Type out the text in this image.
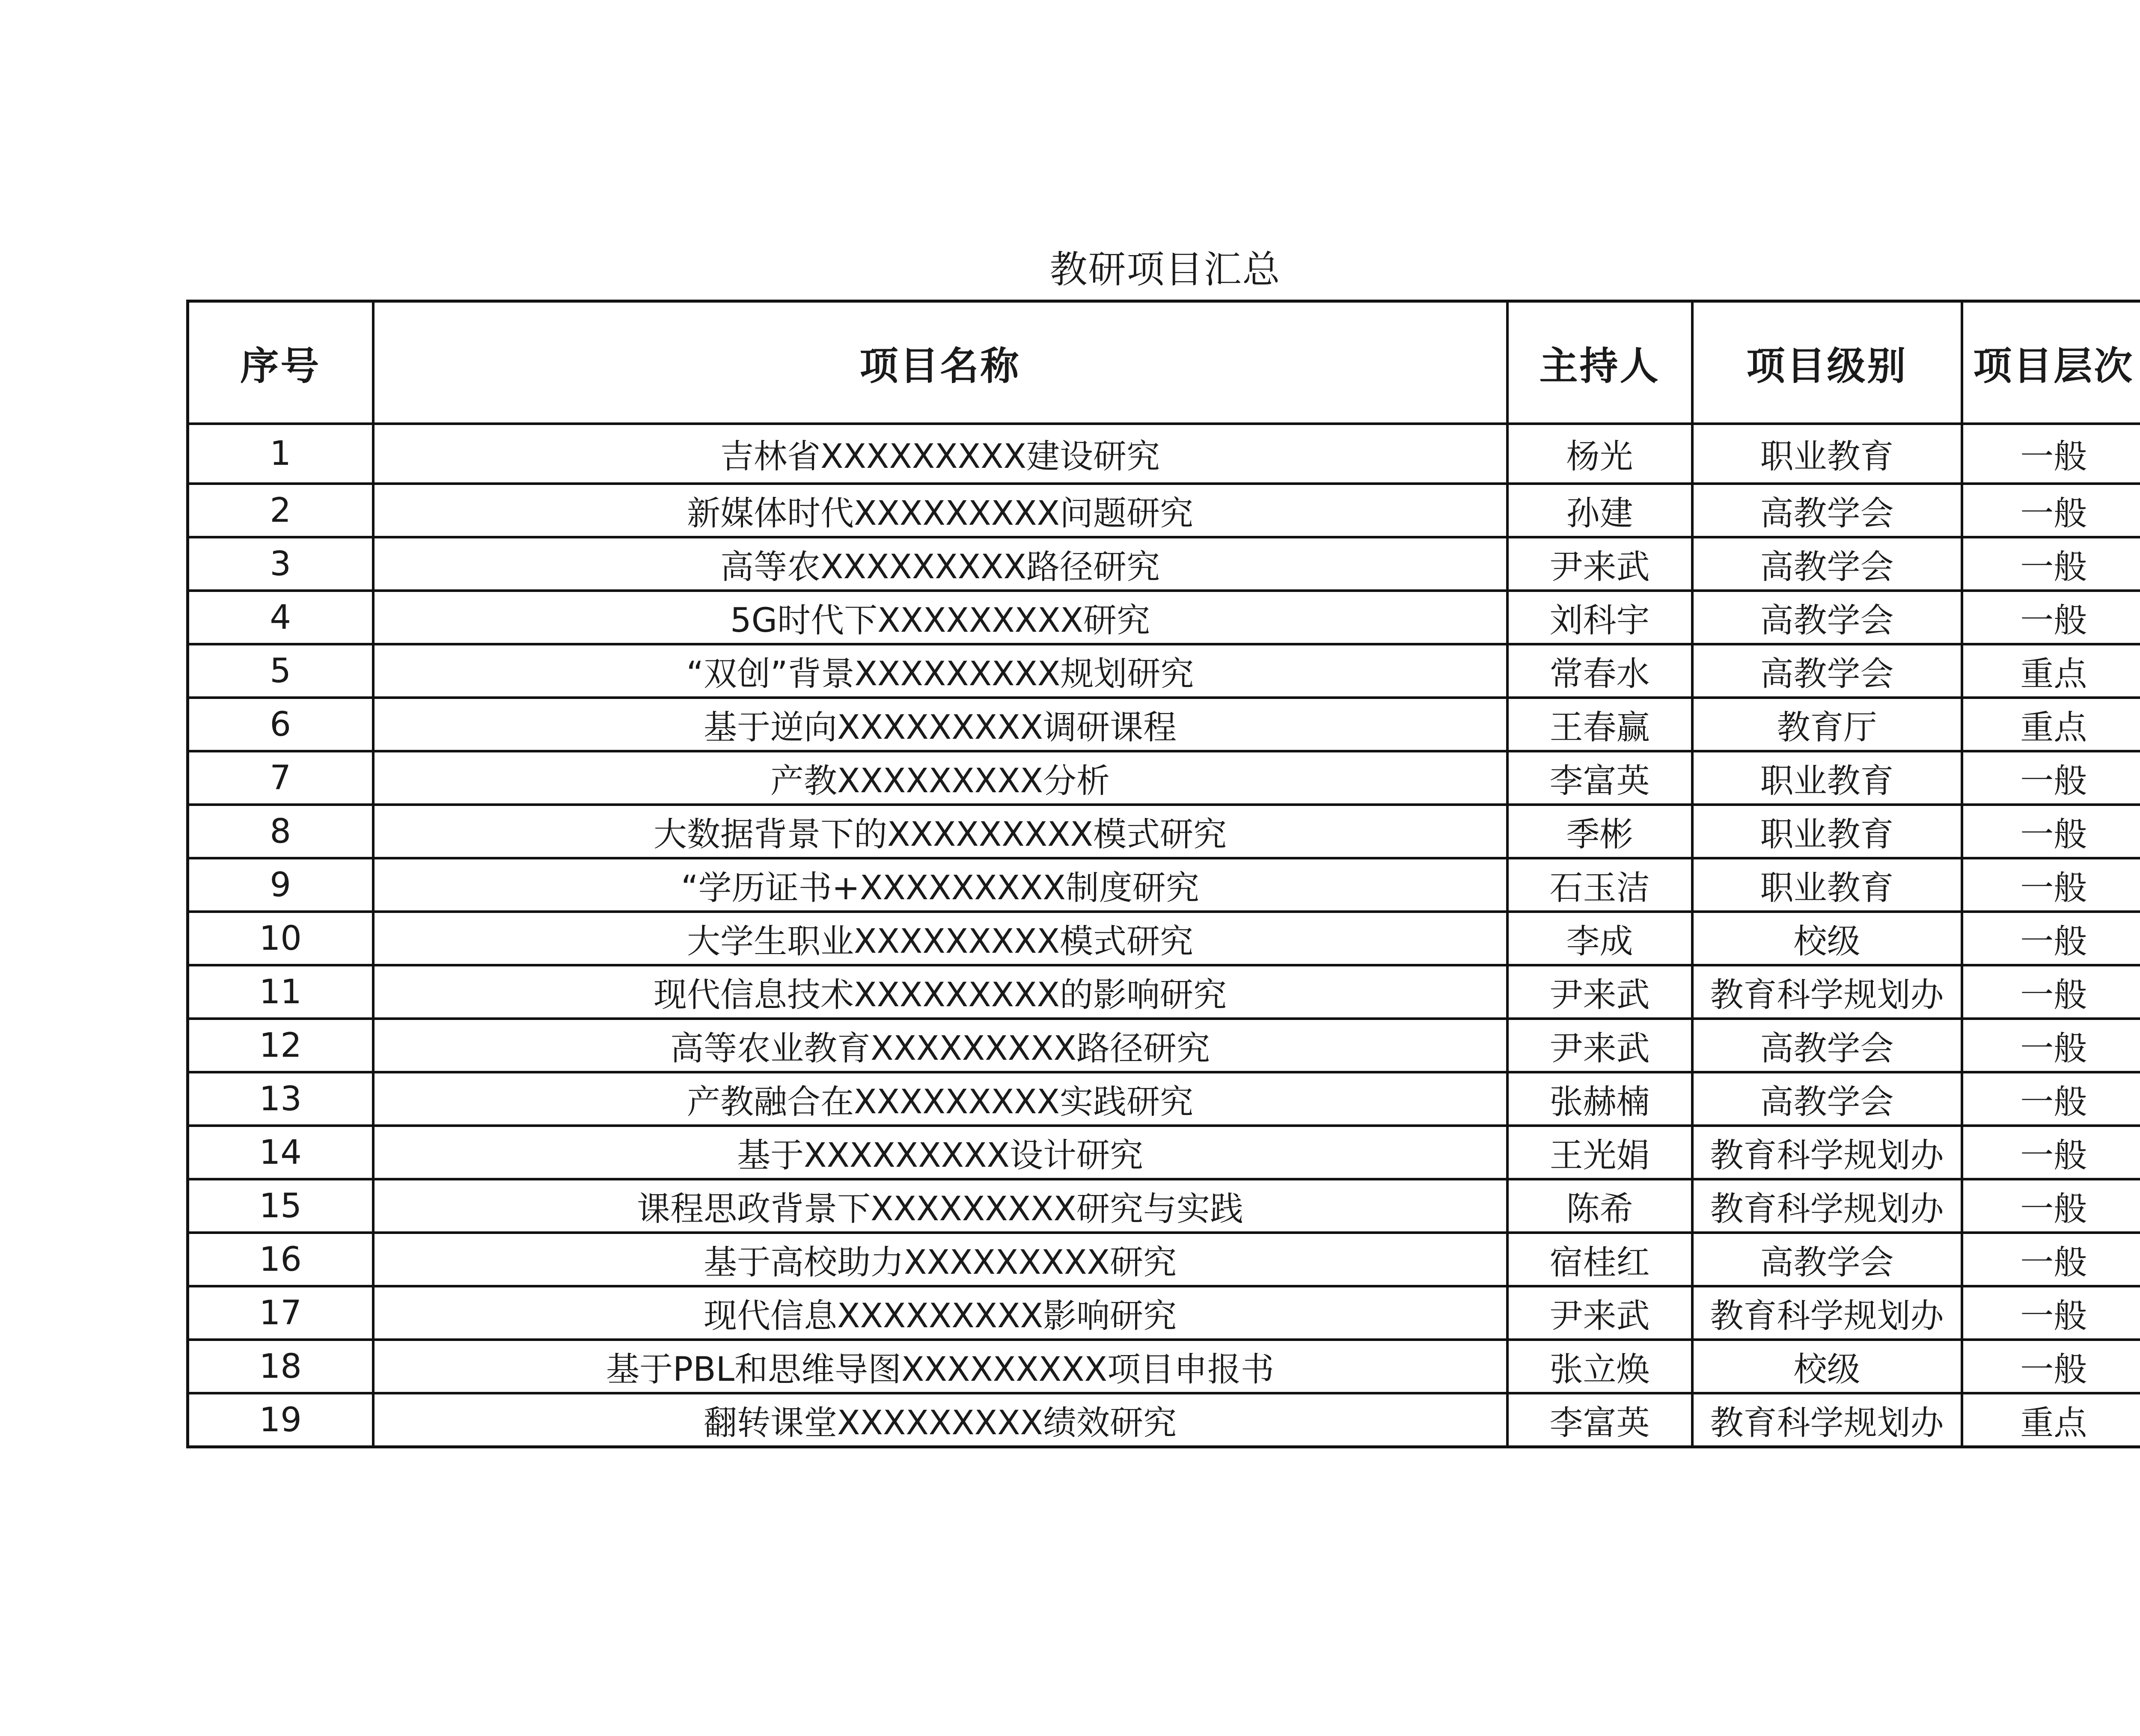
教研项目汇总
序号	项目名称	主持人	项目级别	项目层次
1	吉林省XXXXXXXXX建设研究	杨光	职业教育	一般
2	新媒体时代XXXXXXXXX问题研究	孙建	高教学会	一般
3	高等农XXXXXXXXX路径研究	尹来武	高教学会	一般
4	5G时代下XXXXXXXXX研究	刘科宇	高教学会	一般
5	“双创”背景XXXXXXXXX规划研究	常春水	高教学会	重点
6	基于逆向XXXXXXXXX调研课程	王春赢	教育厅	重点
7	产教XXXXXXXXX分析	李富英	职业教育	一般
8	大数据背景下的XXXXXXXXX模式研究	季彬	职业教育	一般
9	“学历证书+XXXXXXXXX制度研究	石玉洁	职业教育	一般
10	大学生职业XXXXXXXXX模式研究	李成	校级	一般
11	现代信息技术XXXXXXXXX的影响研究	尹来武	教育科学规划办	一般
12	高等农业教育XXXXXXXXX路径研究	尹来武	高教学会	一般
13	产教融合在XXXXXXXXX实践研究	张赫楠	高教学会	一般
14	基于XXXXXXXXX设计研究	王光娟	教育科学规划办	一般
15	课程思政背景下XXXXXXXXX研究与实践	陈希	教育科学规划办	一般
16	基于高校助力XXXXXXXXX研究	宿桂红	高教学会	一般
17	现代信息XXXXXXXXX影响研究	尹来武	教育科学规划办	一般
18	基于PBL和思维导图XXXXXXXXX项目申报书	张立焕	校级	一般
19	翻转课堂XXXXXXXXX绩效研究	李富英	教育科学规划办	重点
